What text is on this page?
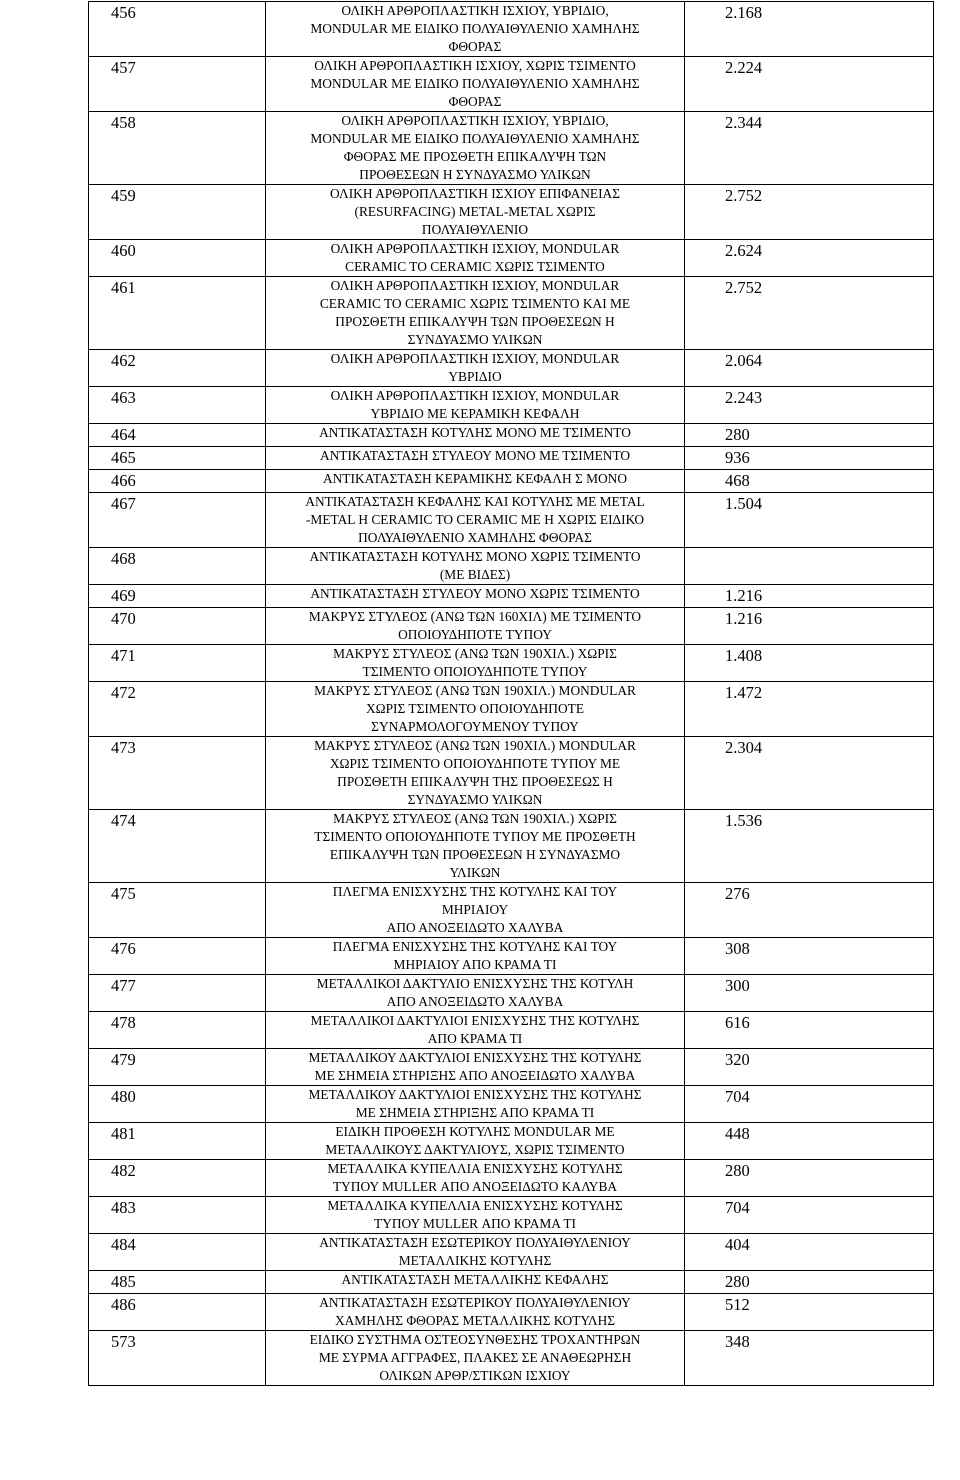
456	ΟΛΙΚΗ ΑΡΘΡΟΠΛΑΣΤΙΚΗ ΙΣΧΙΟΥ, ΥΒΡΙΔΙΟ,
MONDULAR ΜΕ ΕΙΔΙΚΟ ΠΟΛΥΑΙΘΥΛΕΝΙΟ ΧΑΜΗΛΗΣ
ΦΘΟΡΑΣ	2.168
457	ΟΛΙΚΗ ΑΡΘΡΟΠΛΑΣΤΙΚΗ ΙΣΧΙΟΥ, ΧΩΡΙΣ ΤΣΙΜΕΝΤΟ
MONDULAR ΜΕ ΕΙΔΙΚΟ ΠΟΛΥΑΙΘΥΛΕΝΙΟ ΧΑΜΗΛΗΣ
ΦΘΟΡΑΣ	2.224
458	ΟΛΙΚΗ ΑΡΘΡΟΠΛΑΣΤΙΚΗ ΙΣΧΙΟΥ, ΥΒΡΙΔΙΟ,
MONDULAR ΜΕ ΕΙΔΙΚΟ ΠΟΛΥΑΙΘΥΛΕΝΙΟ ΧΑΜΗΛΗΣ
ΦΘΟΡΑΣ ΜΕ ΠΡΟΣΘΕΤΗ ΕΠΙΚΑΛΥΨΗ ΤΩΝ
ΠΡΟΘΕΣΕΩΝ Η ΣΥΝΔΥΑΣΜΟ ΥΛΙΚΩΝ	2.344
459	ΟΛΙΚΗ ΑΡΘΡΟΠΛΑΣΤΙΚΗ ΙΣΧΙΟΥ ΕΠΙΦΑΝΕΙΑΣ
(RESURFACING) METAL-METAL ΧΩΡΙΣ
ΠΟΛΥΑΙΘΥΛΕΝΙΟ	2.752
460	ΟΛΙΚΗ ΑΡΘΡΟΠΛΑΣΤΙΚΗ ΙΣΧΙΟΥ, MONDULAR
CERAMIC TO CERAMIC ΧΩΡΙΣ ΤΣΙΜΕΝΤΟ	2.624
461	ΟΛΙΚΗ ΑΡΘΡΟΠΛΑΣΤΙΚΗ ΙΣΧΙΟΥ, MONDULAR
CERAMIC TO CERAMIC ΧΩΡΙΣ ΤΣΙΜΕΝΤΟ ΚΑΙ ΜΕ
ΠΡΟΣΘΕΤΗ ΕΠΙΚΑΛΥΨΗ ΤΩΝ ΠΡΟΘΕΣΕΩΝ Η
ΣΥΝΔΥΑΣΜΟ ΥΛΙΚΩΝ	2.752
462	ΟΛΙΚΗ ΑΡΘΡΟΠΛΑΣΤΙΚΗ ΙΣΧΙΟΥ, MONDULAR
ΥΒΡΙΔΙΟ	2.064
463	ΟΛΙΚΗ ΑΡΘΡΟΠΛΑΣΤΙΚΗ ΙΣΧΙΟΥ, MONDULAR
ΥΒΡΙΔΙΟ ΜΕ ΚΕΡΑΜΙΚΗ ΚΕΦΑΛΗ	2.243
464	ΑΝΤΙΚΑΤΑΣΤΑΣΗ ΚΟΤΥΛΗΣ ΜΟΝΟ ΜΕ ΤΣΙΜΕΝΤΟ	280
465	ΑΝΤΙΚΑΤΑΣΤΑΣΗ ΣΤΥΛΕΟΥ ΜΟΝΟ ΜΕ ΤΣΙΜΕΝΤΟ	936
466	ΑΝΤΙΚΑΤΑΣΤΑΣΗ ΚΕΡΑΜΙΚΗΣ ΚΕΦΑΛΗ Σ ΜΟΝΟ	468
467	ΑΝΤΙΚΑΤΑΣΤΑΣΗ ΚΕΦΑΛΗΣ ΚΑΙ ΚΟΤΥΛΗΣ ΜΕ METAL
-METAL Η CERAMIC TO CERAMIC ΜΕ Η ΧΩΡΙΣ ΕΙΔΙΚΟ
ΠΟΛΥΑΙΘΥΛΕΝΙΟ ΧΑΜΗΛΗΣ ΦΘΟΡΑΣ	1.504
468	ΑΝΤΙΚΑΤΑΣΤΑΣΗ ΚΟΤΥΛΗΣ ΜΟΝΟ ΧΩΡΙΣ ΤΣΙΜΕΝΤΟ
(ΜΕ ΒΙΔΕΣ)	

469	ΑΝΤΙΚΑΤΑΣΤΑΣΗ ΣΤΥΛΕΟΥ ΜΟΝΟ ΧΩΡΙΣ ΤΣΙΜΕΝΤΟ	1.216
470	ΜΑΚΡΥΣ ΣΤΥΛΕΟΣ (ΑΝΩ ΤΩΝ 160ΧΙΛ) ΜΕ ΤΣΙΜΕΝΤΟ
ΟΠΟΙΟΥΔΗΠΟΤΕ ΤΥΠΟΥ	1.216
471	ΜΑΚΡΥΣ ΣΤΥΛΕΟΣ (ΑΝΩ ΤΩΝ 190ΧΙΛ.) ΧΩΡΙΣ
ΤΣΙΜΕΝΤΟ ΟΠΟΙΟΥΔΗΠΟΤΕ ΤΥΠΟΥ	1.408
472	ΜΑΚΡΥΣ ΣΤΥΛΕΟΣ (ΑΝΩ ΤΩΝ 190ΧΙΛ.) MONDULAR
ΧΩΡΙΣ ΤΣΙΜΕΝΤΟ ΟΠΟΙΟΥΔΗΠΟΤΕ
ΣΥΝΑΡΜΟΛΟΓΟΥΜΕΝΟΥ ΤΥΠΟΥ	1.472
473	ΜΑΚΡΥΣ ΣΤΥΛΕΟΣ (ΑΝΩ ΤΩΝ 190ΧΙΛ.) MONDULAR
ΧΩΡΙΣ ΤΣΙΜΕΝΤΟ ΟΠΟΙΟΥΔΗΠΟΤΕ ΤΥΠΟΥ ΜΕ
ΠΡΟΣΘΕΤΗ ΕΠΙΚΑΛΥΨΗ ΤΗΣ ΠΡΟΘΕΣΕΩΣ Η
ΣΥΝΔΥΑΣΜΟ ΥΛΙΚΩΝ	2.304
474	ΜΑΚΡΥΣ ΣΤΥΛΕΟΣ (ΑΝΩ ΤΩΝ 190ΧΙΛ.) ΧΩΡΙΣ
ΤΣΙΜΕΝΤΟ ΟΠΟΙΟΥΔΗΠΟΤΕ ΤΥΠΟΥ ΜΕ ΠΡΟΣΘΕΤΗ
ΕΠΙΚΑΛΥΨΗ ΤΩΝ ΠΡΟΘΕΣΕΩΝ Η ΣΥΝΔΥΑΣΜΟ
ΥΛΙΚΩΝ	1.536
475	ΠΛΕΓΜΑ ΕΝΙΣΧΥΣΗΣ ΤΗΣ ΚΟΤΥΛΗΣ ΚΑΙ ΤΟΥ
ΜΗΡΙΑΙΟΥ
ΑΠΟ ΑΝΟΞΕΙΔΩΤΟ ΧΑΛΥΒΑ	276
476	ΠΛΕΓΜΑ ΕΝΙΣΧΥΣΗΣ ΤΗΣ ΚΟΤΥΛΗΣ ΚΑΙ ΤΟΥ
ΜΗΡΙΑΙΟΥ ΑΠΟ ΚΡΑΜΑ ΤΙ	308
477	ΜΕΤΑΛΛΙΚΟΙ ΔΑΚΤΥΛΙΟ ΕΝΙΣΧΥΣΗΣ ΤΗΣ ΚΟΤΥΛΗ
ΑΠΟ ΑΝΟΞΕΙΔΩΤΟ ΧΑΛΥΒΑ	300
478	ΜΕΤΑΛΛΙΚΟΙ ΔΑΚΤΥΛΙΟΙ ΕΝΙΣΧΥΣΗΣ ΤΗΣ ΚΟΤΥΛΗΣ
ΑΠΟ ΚΡΑΜΑ ΤΙ	616
479	ΜΕΤΑΛΛΙΚΟΥ ΔΑΚΤΥΛΙΟΙ ΕΝΙΣΧΥΣΗΣ ΤΗΣ ΚΟΤΥΛΗΣ
ΜΕ ΣΗΜΕΙΑ ΣΤΗΡΙΞΗΣ ΑΠΟ ΑΝΟΞΕΙΔΩΤΟ ΧΑΛΥΒΑ	320
480	ΜΕΤΑΛΛΙΚΟΥ ΔΑΚΤΥΛΙΟΙ ΕΝΙΣΧΥΣΗΣ ΤΗΣ ΚΟΤΥΛΗΣ
ΜΕ ΣΗΜΕΙΑ ΣΤΗΡΙΞΗΣ ΑΠΟ ΚΡΑΜΑ ΤΙ	704
481	ΕΙΔΙΚΗ ΠΡΟΘΕΣΗ ΚΟΤΥΛΗΣ MONDULAR ΜΕ
ΜΕΤΑΛΛΙΚΟΥΣ ΔΑΚΤΥΛΙΟΥΣ, ΧΩΡΙΣ ΤΣΙΜΕΝΤΟ	448
482	ΜΕΤΑΛΛΙΚΑ ΚΥΠΕΛΛΙΑ ΕΝΙΣΧΥΣΗΣ ΚΟΤΥΛΗΣ
ΤΥΠΟΥ MULLER ΑΠΟ ΑΝΟΞΕΙΔΩΤΟ ΚΑΛΥΒΑ	280
483	ΜΕΤΑΛΛΙΚΑ ΚΥΠΕΛΛΙΑ ΕΝΙΣΧΥΣΗΣ ΚΟΤΥΛΗΣ
ΤΥΠΟΥ MULLER ΑΠΟ ΚΡΑΜΑ ΤΙ	704
484	ΑΝΤΙΚΑΤΑΣΤΑΣΗ ΕΣΩΤΕΡΙΚΟΥ ΠΟΛΥΑΙΘΥΛΕΝΙΟΥ
ΜΕΤΑΛΛΙΚΗΣ ΚΟΤΥΛΗΣ	404
485	ΑΝΤΙΚΑΤΑΣΤΑΣΗ ΜΕΤΑΛΛΙΚΗΣ ΚΕΦΑΛΗΣ	280
486	ΑΝΤΙΚΑΤΑΣΤΑΣΗ ΕΣΩΤΕΡΙΚΟΥ ΠΟΛΥΑΙΘΥΛΕΝΙΟΥ
ΧΑΜΗΛΗΣ ΦΘΟΡΑΣ ΜΕΤΑΛΛΙΚΗΣ ΚΟΤΥΛΗΣ	512
573	ΕΙΔΙΚΟ ΣΥΣΤΗΜΑ ΟΣΤΕΟΣΥΝΘΕΣΗΣ ΤΡΟΧΑΝΤΗΡΩΝ
ΜΕ ΣΥΡΜΑ ΑΓΓΡΑΦΕΣ, ΠΛΑΚΕΣ ΣΕ ΑΝΑΘΕΩΡΗΣΗ
ΟΛΙΚΩΝ ΑΡΘΡ/ΣΤΙΚΩΝ ΙΣΧΙΟΥ	348
